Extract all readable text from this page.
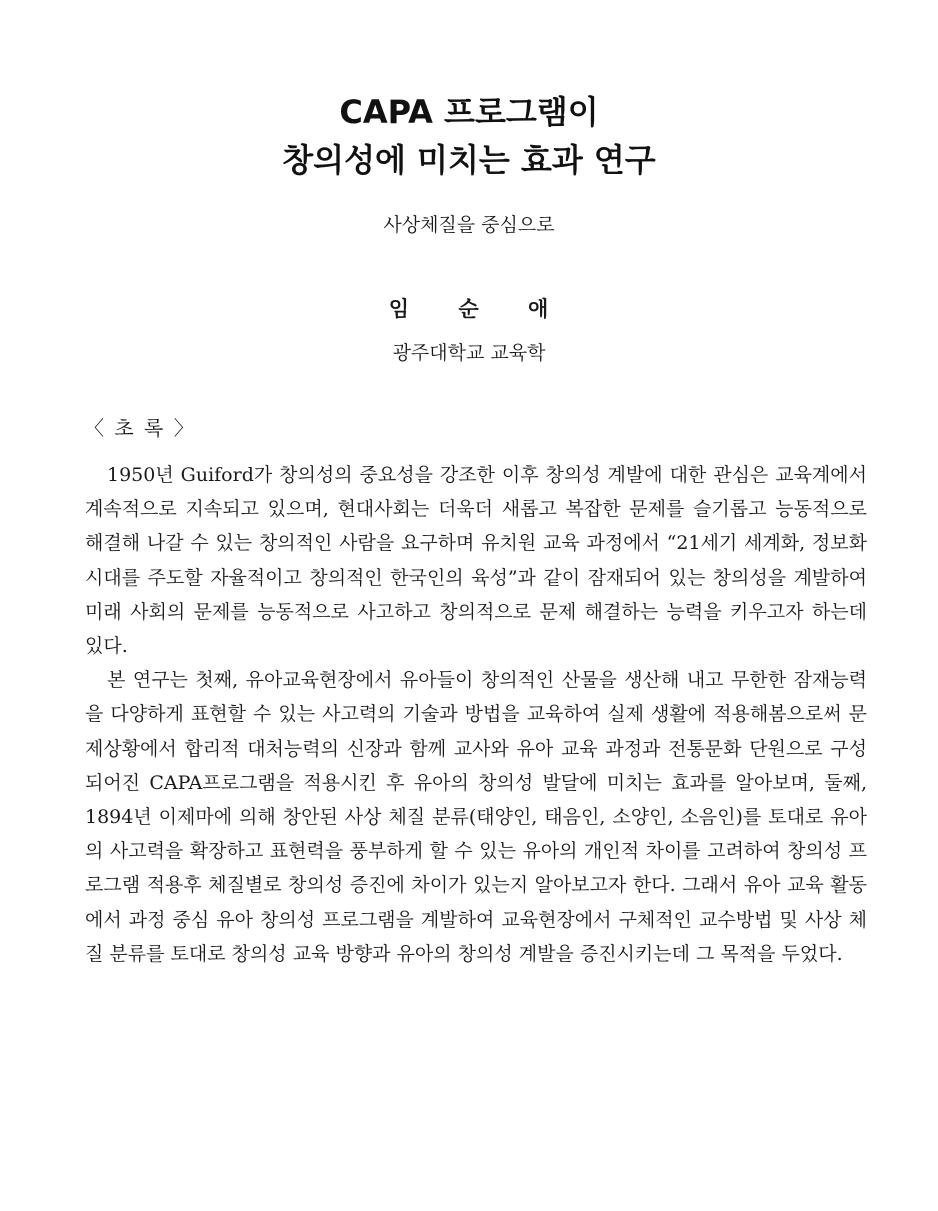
CAPA 프로그램이
창의성에 미치는 효과 연구
사상체질을 중심으로
임 순 애
광주대학교 교육학
〈 초 록 〉

1950년 Guiford가 창의성의 중요성을 강조한 이후 창의성 계발에 대한 관심은 교육계에서 계속적으로 지속되고 있으며, 현대사회는 더욱더 새롭고 복잡한 문제를 슬기롭고 능동적으로 해결해 나갈 수 있는 창의적인 사람을 요구하며 유치원 교육 과정에서 “21세기 세계화, 정보화 시대를 주도할 자율적이고 창의적인 한국인의 육성”과 같이 잠재되어 있는 창의성을 계발하여 미래 사회의 문제를 능동적으로 사고하고 창의적으로 문제 해결하는 능력을 키우고자 하는데 있다.

본 연구는 첫째, 유아교육현장에서 유아들이 창의적인 산물을 생산해 내고 무한한 잠재능력을 다양하게 표현할 수 있는 사고력의 기술과 방법을 교육하여 실제 생활에 적용해봄으로써 문제상황에서 합리적 대처능력의 신장과 함께 교사와 유아 교육 과정과 전통문화 단원으로 구성 되어진 CAPA프로그램을 적용시킨 후 유아의 창의성 발달에 미치는 효과를 알아보며, 둘째, 1894년 이제마에 의해 창안된 사상 체질 분류(태양인, 태음인, 소양인, 소음인)를 토대로 유아의 사고력을 확장하고 표현력을 풍부하게 할 수 있는 유아의 개인적 차이를 고려하여 창의성 프로그램 적용후 체질별로 창의성 증진에 차이가 있는지 알아보고자 한다. 그래서 유아 교육 활동에서 과정 중심 유아 창의성 프로그램을 계발하여 교육현장에서 구체적인 교수방법 및 사상 체질 분류를 토대로 창의성 교육 방향과 유아의 창의성 계발을 증진시키는데 그 목적을 두었다.
